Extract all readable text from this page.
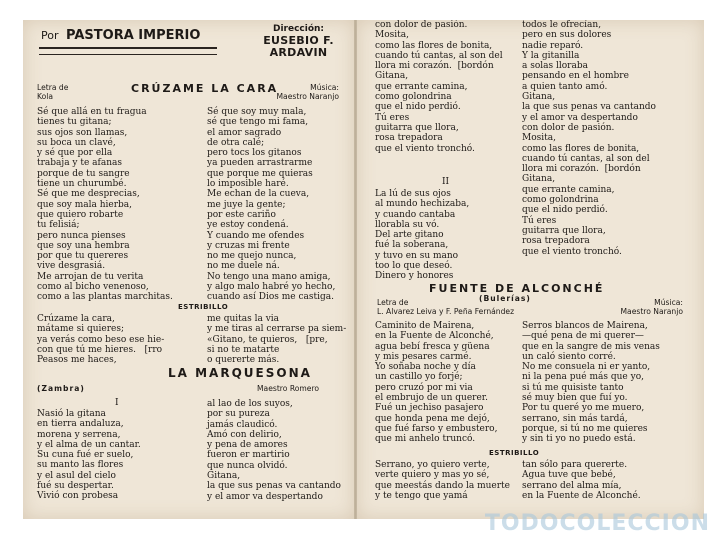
Por PASTORA IMPERIO	Dirección:
EUSEBIO F. ARDAVIN
Letra de
Kola
CRÚZAME LA CARA	Música:
Maestro Naranjo
Sé que allá en tu fragua
tienes tu gitana;
sus ojos son llamas,
su boca un clavé,
y sé que por ella
trabaja y te afanas
porque de tu sangre
tiene un churumbé.
Sé que me desprecias,
que soy mala hierba,
que quiero robarte
tu felisiá;
pero nunca pienses
que soy una hembra
por que tu quereres
vive desgrasiá.
Me arrojan de tu verita
como al bicho venenoso,
como a las plantas marchitas.
Sé que soy muy mala,
sé que tengo mi fama,
el amor sagrado
de otra calé;
pero tocs los gitanos
ya pueden arrastrarme
que porque me quieras
lo imposible haré.
Me echan de la cueva,
me juye la gente;
por este cariño
ye estoy condená.
Y cuando me ofendes
y cruzas mi frente
no me quejo nunca,
no me duele ná.
No tengo una mano amiga,
y algo malo habré yo hecho,
cuando así Dios me castiga.
ESTRIBILLO
Crúzame la cara,
mátame si quieres;
ya verás como beso ese hie-
con que tú me hieres.   [rro
Peasos me haces,
me quitas la via
y me tiras al cerrarse pa siem-
«Gitano, te quieros,   [pre,
si no te matarte
o quererte más.
LA MARQUESONA
(Zambra)	Maestro Romero
I
Nasió la gitana
en tierra andaluza,
morena y serrena,
y el alma de un cantar.
Su cuna fué er suelo,
su manto las flores
y el asul del cielo
fué su despertar.
Vivió con probesa
al lao de los suyos,
por su pureza
jamás claudicó.
Amó con delirio,
y pena de amores
fueron er martirio
que nunca olvidó.
Gitana,
la que sus penas va cantando
y el amor va despertando
con dolor de pasión.
Mosita,
como las flores de bonita,
cuando tú cantas, al son del
llora mi corazón.  [bordón
Gitana,
que errante camina,
como golondrina
que el nido perdió.
Tú eres
guitarra que llora,
rosa trepadora
que el viento tronchó.
II
La lú de sus ojos
al mundo hechizaba,
y cuando cantaba
llorabla su vó.
Del arte gitano
fué la soberana,
y tuvo en su mano
too lo que deseó.
Dinero y honores
todos le ofrecían,
pero en sus dolores
nadie reparó.
Y la gitanilla
a solas lloraba
pensando en el hombre
a quien tanto amó.
Gitana,
la que sus penas va cantando
y el amor va despertando
con dolor de pasión.
Mosita,
como las flores de bonita,
cuando tú cantas, al son del
llora mi corazón.  [bordón
Gitana,
que errante camina,
como golondrina
que el nido perdió.
Tú eres
guitarra que llora,
rosa trepadora
que el viento tronchó.
FUENTE DE ALCONCHÉ
(Bulerías)
Letra de
L. Alvarez Leiva y F. Peña Fernández
Música:
Maestro Naranjo
Caminito de Mairena,
en la Fuente de Alconché,
agua bebí fresca y güena
y mis pesares carmé.
Yo soñaba noche y día
un castillo yo forjé;
pero cruzó por mi via
el embrujo de un querer.
Fué un jechiso pasajero
que honda pena me dejó,
que fué farso y embustero,
que mi anhelo truncó.
Serros blancos de Mairena,
—qué pena de mi querer—
que en la sangre de mis venas
un caló siento corré.
No me consuela ni er yanto,
ni la pena pué más que yo,
si tú me quisiste tanto
sé muy bien que fuí yo.
Por tu queré yo me muero,
serrano, sin más tardá,
porque, si tú no me quieres
y sin ti yo no puedo está.
ESTRIBILLO
Serrano, yo quiero verte,
verte quiero y mas yo sé,
que meestás dando la muerte
y te tengo que yamá
tan sólo para quererte.
Agua tuve que bebé,
serrano del alma mía,
en la Fuente de Alconché.
TODOCOLECCION
